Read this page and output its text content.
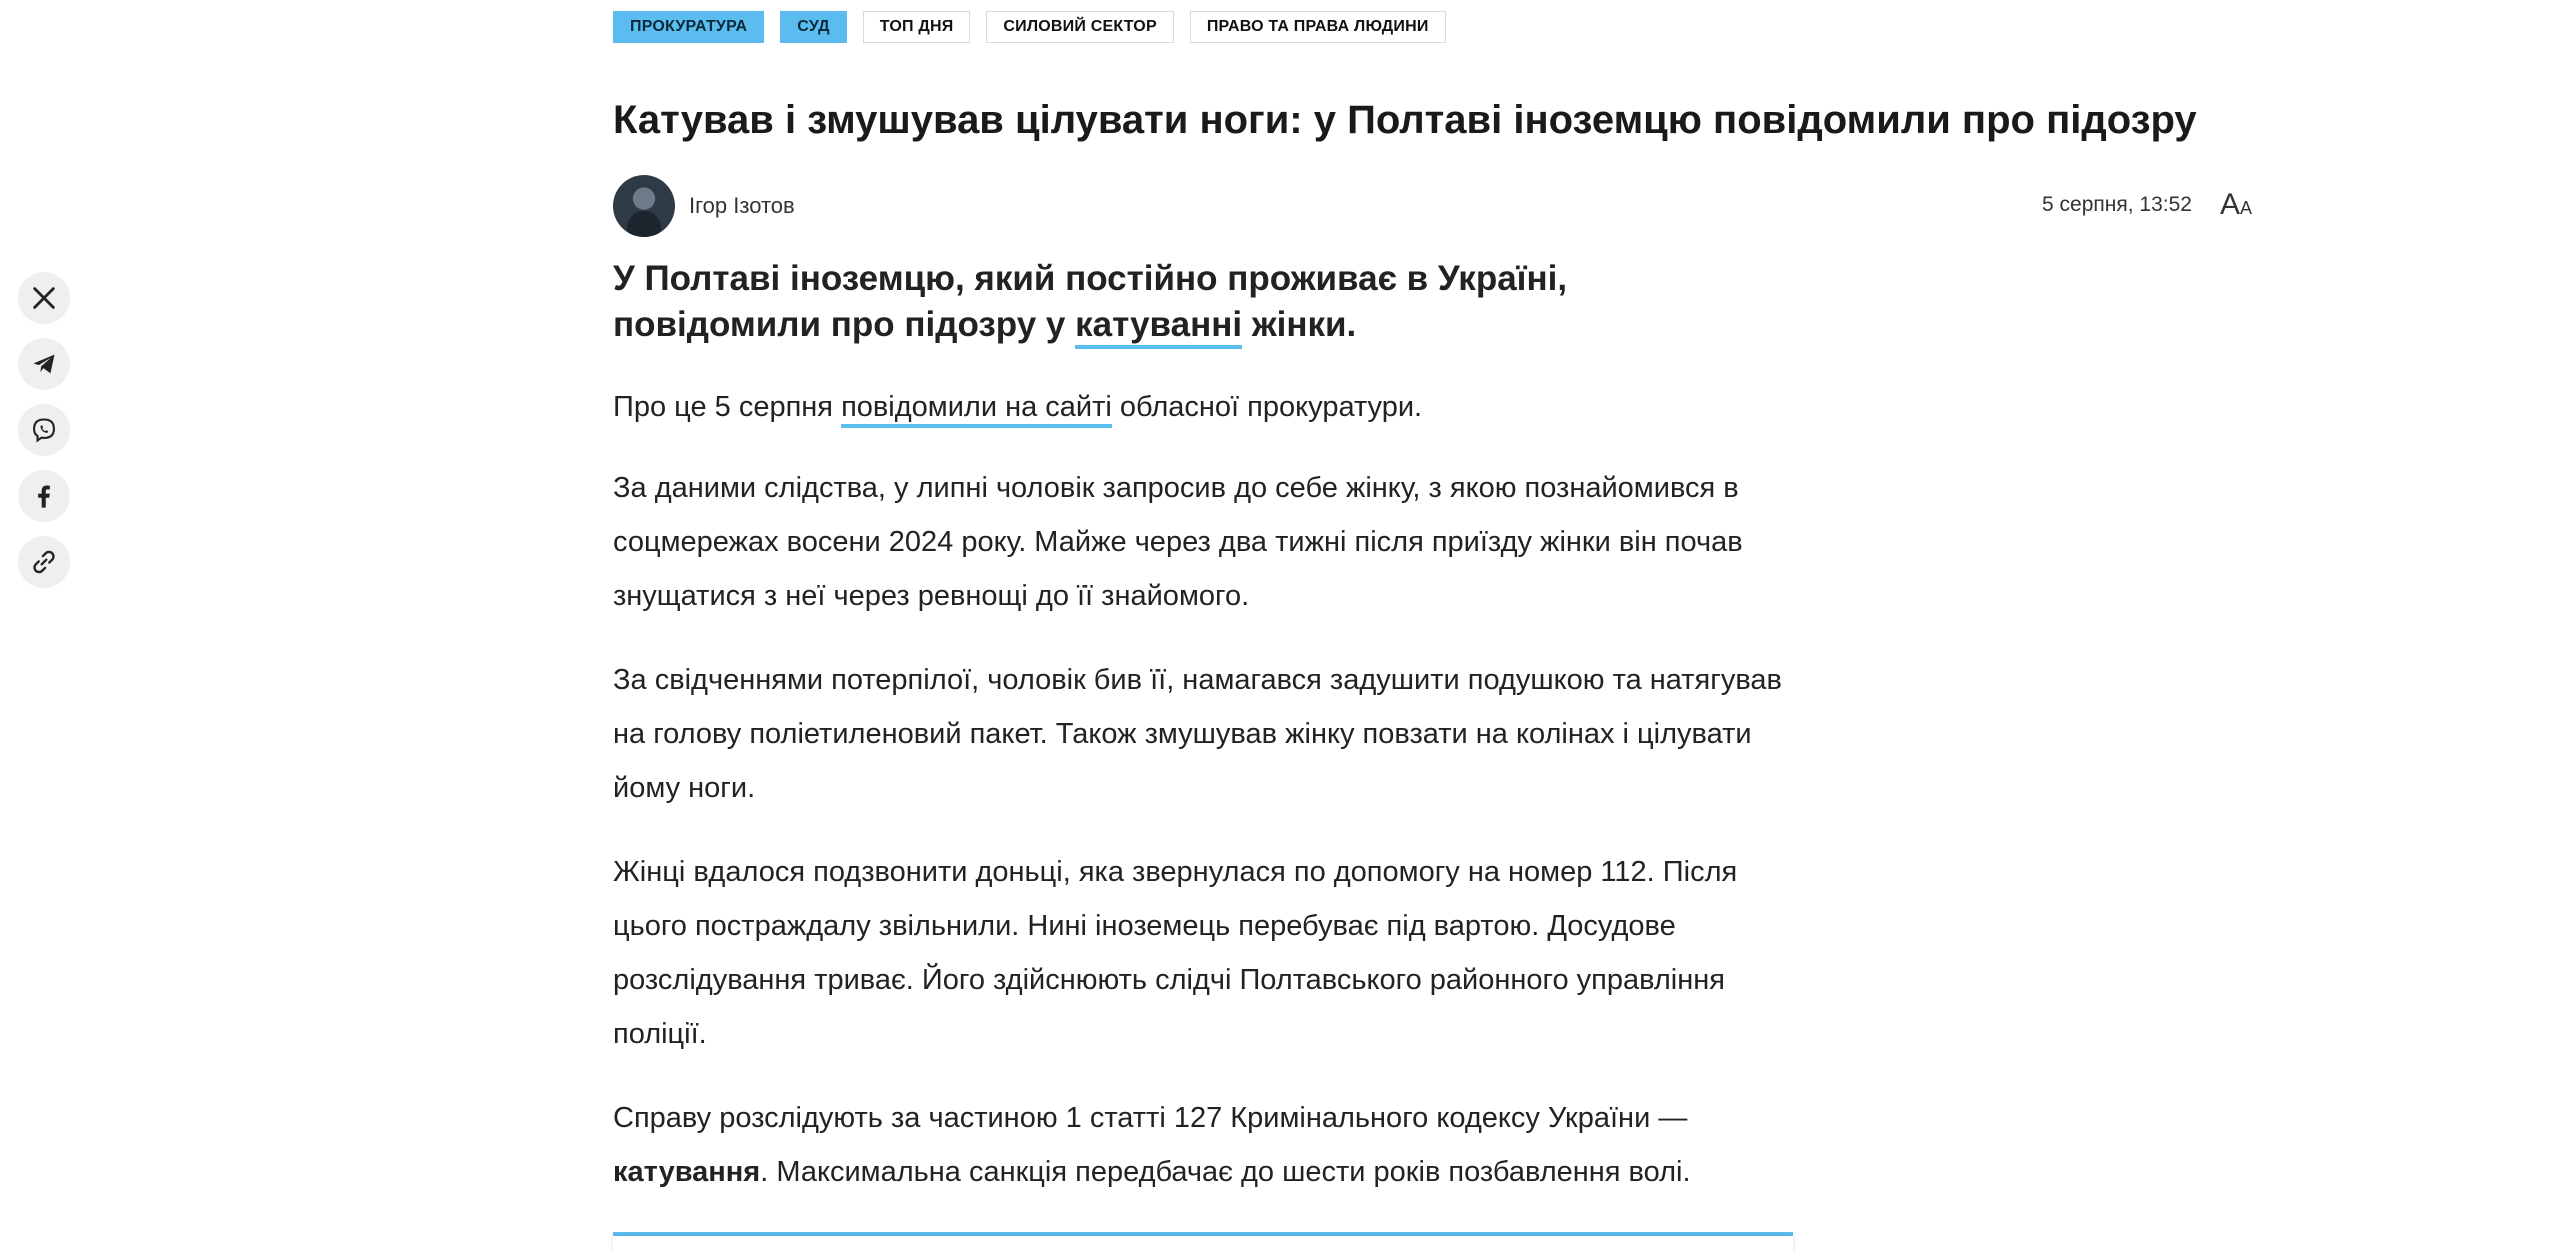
ПРОКУРАТУРА	СУД	ТОП ДНЯ	СИЛОВИЙ СЕКТОР	ПРАВО ТА ПРАВА ЛЮДИНИ
Катував і змушував цілувати ноги: у Полтаві іноземцю повідомили про підозру
Ігор Ізотов	5 серпня, 13:52 AA

У Полтаві іноземцю, який постійно проживає в Україні, повідомили про підозру у катуванні жінки.

Про це 5 серпня повідомили на сайті обласної прокуратури.

За даними слідства, у липні чоловік запросив до себе жінку, з якою познайомився в соцмережах восени 2024 року. Майже через два тижні після приїзду жінки він почав знущатися з неї через ревнощі до її знайомого.

За свідченнями потерпілої, чоловік бив її, намагався задушити подушкою та натягував на голову поліетиленовий пакет. Також змушував жінку повзати на колінах і цілувати йому ноги.

Жінці вдалося подзвонити доньці, яка звернулася по допомогу на номер 112. Після цього постраждалу звільнили. Нині іноземець перебуває під вартою. Досудове розслідування триває. Його здійснюють слідчі Полтавського районного управління поліції.

Справу розслідують за частиною 1 статті 127 Кримінального кодексу України — катування. Максимальна санкція передбачає до шести років позбавлення волі.
